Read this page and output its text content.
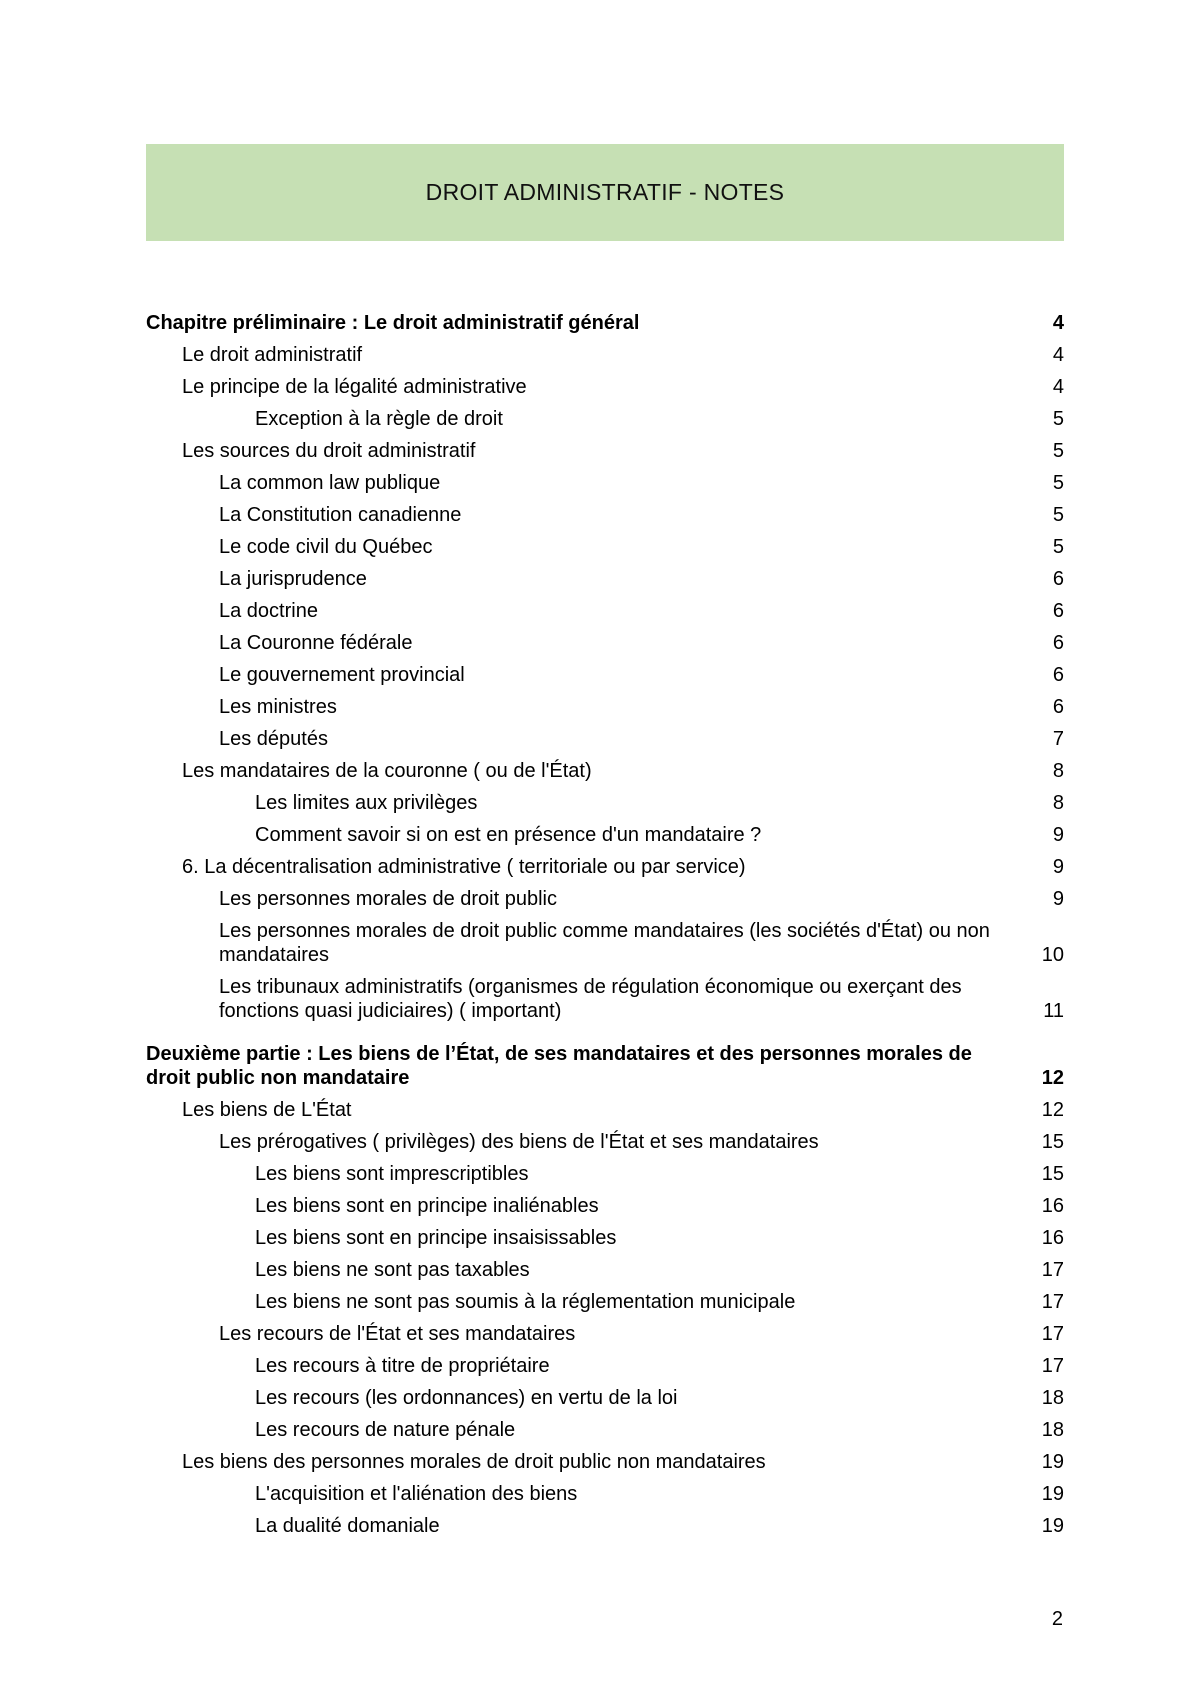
DROIT ADMINISTRATIF - NOTES
Chapitre préliminaire : Le droit administratif général	4
Le droit administratif	4
Le principe de la légalité administrative	4
Exception à la règle de droit	5
Les sources du droit administratif	5
La common law publique	5
La Constitution canadienne	5
Le code civil du Québec	5
La jurisprudence	6
La doctrine	6
La Couronne fédérale	6
Le gouvernement provincial	6
Les ministres	6
Les députés	7
Les mandataires de la couronne ( ou de l'État)	8
Les limites aux privilèges	8
Comment savoir si on est en présence d'un mandataire ?	9
6. La décentralisation administrative ( territoriale ou par service)	9
Les personnes morales de droit public	9
Les personnes morales de droit public comme mandataires (les sociétés d'État) ou non mandataires	10
Les tribunaux administratifs (organismes de régulation économique ou exerçant des fonctions quasi judiciaires) ( important)	11
Deuxième partie : Les biens de l’État, de ses mandataires et des personnes morales de droit public non mandataire	12
Les biens de L'État	12
Les prérogatives ( privilèges) des biens de l'État et ses mandataires	15
Les biens sont imprescriptibles	15
Les biens sont en principe inaliénables	16
Les biens sont en principe insaisissables	16
Les biens ne sont pas taxables	17
Les biens ne sont pas soumis à la réglementation municipale	17
Les recours de l'État et ses mandataires	17
Les recours à titre de propriétaire	17
Les recours (les ordonnances) en vertu de la loi	18
Les recours de nature pénale	18
Les biens des personnes morales de droit public non mandataires	19
L'acquisition et l'aliénation des biens	19
La dualité domaniale	19
2
